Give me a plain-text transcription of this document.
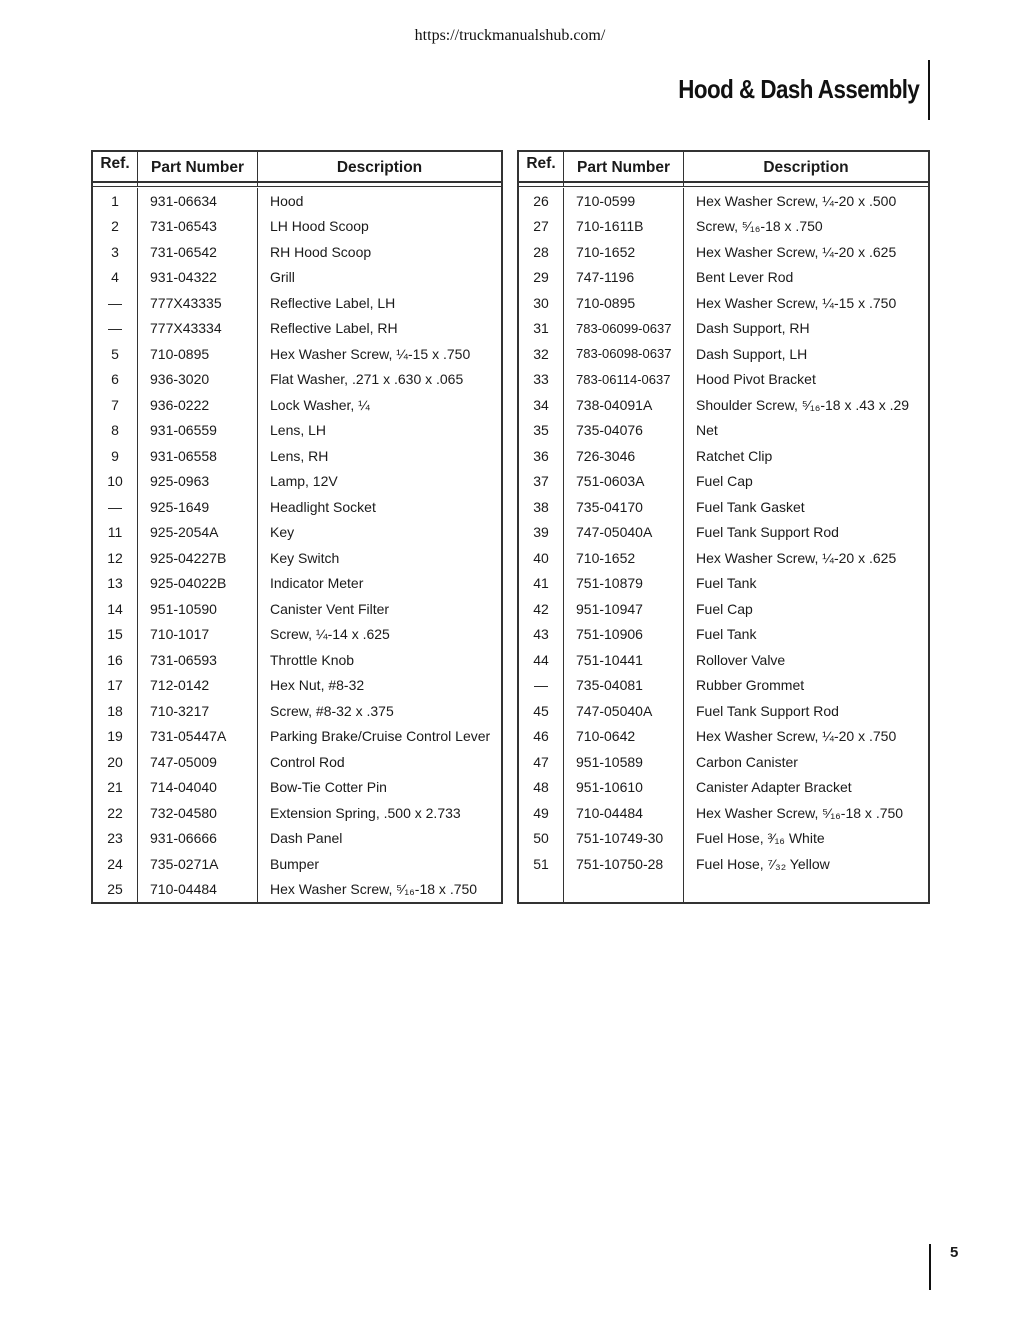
https://truckmanualshub.com/
Hood & Dash Assembly
Ref.	Part Number	Description
1	931-06634	Hood
2	731-06543	LH Hood Scoop
3	731-06542	RH Hood Scoop
4	931-04322	Grill
—	777X43335	Reflective Label, LH
—	777X43334	Reflective Label, RH
5	710-0895	Hex Washer Screw, ¼-15 x .750
6	936-3020	Flat Washer, .271 x .630 x .065
7	936-0222	Lock Washer, ¼
8	931-06559	Lens, LH
9	931-06558	Lens, RH
10	925-0963	Lamp, 12V
—	925-1649	Headlight Socket
11	925-2054A	Key
12	925-04227B	Key Switch
13	925-04022B	Indicator Meter
14	951-10590	Canister Vent Filter
15	710-1017	Screw, ¼-14 x .625
16	731-06593	Throttle Knob
17	712-0142	Hex Nut, #8-32
18	710-3217	Screw, #8-32 x .375
19	731-05447A	Parking Brake/Cruise Control Lever
20	747-05009	Control Rod
21	714-04040	Bow-Tie Cotter Pin
22	732-04580	Extension Spring, .500 x 2.733
23	931-06666	Dash Panel
24	735-0271A	Bumper
25	710-04484	Hex Washer Screw, ⁵⁄₁₆-18 x .750
Ref.	Part Number	Description
26	710-0599	Hex Washer Screw, ¼-20 x .500
27	710-1611B	Screw, ⁵⁄₁₆-18 x .750
28	710-1652	Hex Washer Screw, ¼-20 x .625
29	747-1196	Bent Lever Rod
30	710-0895	Hex Washer Screw, ¼-15 x .750
31	783-06099-0637	Dash Support, RH
32	783-06098-0637	Dash Support, LH
33	783-06114-0637	Hood Pivot Bracket
34	738-04091A	Shoulder Screw, ⁵⁄₁₆-18 x .43 x .29
35	735-04076	Net
36	726-3046	Ratchet Clip
37	751-0603A	Fuel Cap
38	735-04170	Fuel Tank Gasket
39	747-05040A	Fuel Tank Support Rod
40	710-1652	Hex Washer Screw, ¼-20 x .625
41	751-10879	Fuel Tank
42	951-10947	Fuel Cap
43	751-10906	Fuel Tank
44	751-10441	Rollover Valve
—	735-04081	Rubber Grommet
45	747-05040A	Fuel Tank Support Rod
46	710-0642	Hex Washer Screw, ¼-20 x .750
47	951-10589	Carbon Canister
48	951-10610	Canister Adapter Bracket
49	710-04484	Hex Washer Screw, ⁵⁄₁₆-18 x .750
50	751-10749-30	Fuel Hose, ³⁄₁₆ White
51	751-10750-28	Fuel Hose, ⁷⁄₃₂ Yellow
5
